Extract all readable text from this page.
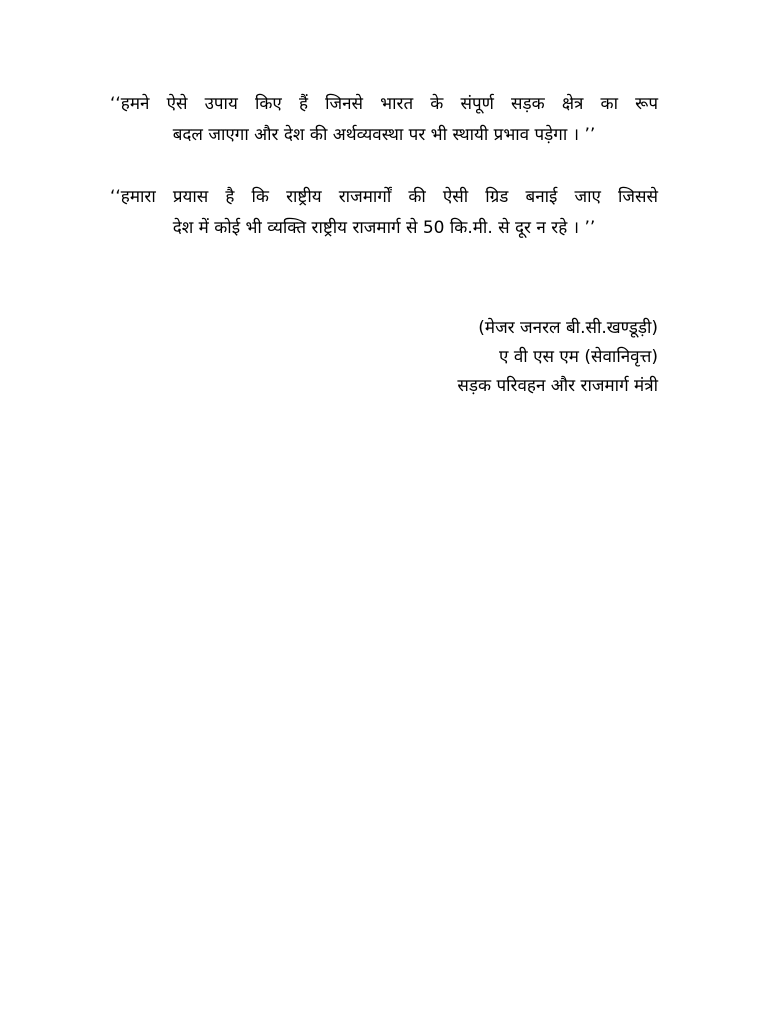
‘‘हमने ऐसे उपाय किए हैं जिनसे भारत के संपूर्ण सड़क क्षेत्र का रूप
बदल जाएगा और देश की अर्थव्यवस्था पर भी स्थायी प्रभाव पड़ेगा । ’’
‘‘हमारा प्रयास है कि राष्ट्रीय राजमार्गों की ऐसी ग्रिड बनाई जाए जिससे
देश में कोई भी व्यक्ति राष्ट्रीय राजमार्ग से 50 कि.मी. से दूर न रहे । ’’
(मेजर जनरल बी.सी.खण्डूड़ी)
ए वी एस एम (सेवानिवृत्त)
सड़क परिवहन और राजमार्ग मंत्री
